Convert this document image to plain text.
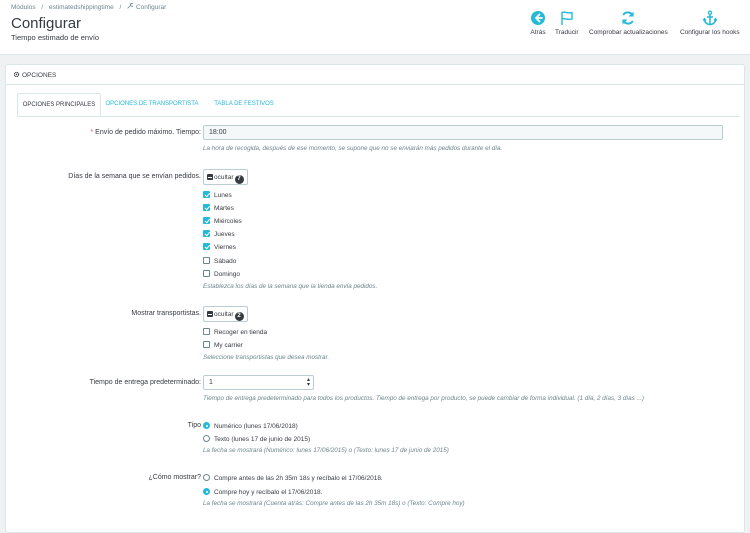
Módulos / estimatedshippingtime / Configurar
Configurar
Tiempo estimado de envío
Atrás Traducir Comprobar actualizaciones Configurar los hooks
OPCIONES
OPCIONES PRINCIPALES	OPCIONES DE TRANSPORTISTA	TABLA DE FESTIVOS
* Envío de pedido máximo. Tiempo:	18:00
La hora de recogida, después de ese momento, se supone que no se enviarán más pedidos durante el día.
Días de la semana que se envían pedidos.	ocultar 7
Lunes
Martes
Miércoles
Jueves
Viernes
Sábado
Domingo
Establezca los días de la semana que la tienda envía pedidos.
Mostrar transportistas.	ocultar 2
Recoger en tienda
My carrier
Seleccione transportistas que desea mostrar.
Tiempo de entrega predeterminado:	1	▴
▾
Tiempo de entrega predeterminado para todos los productos. Tiempo de entrega por producto, se puede cambiar de forma individual. (1 día, 2 días, 3 días ...)
Tipo	Numérico (lunes 17/06/2018)
Texto (lunes 17 de junio de 2015)
La fecha se mostrará (Numérico: lunes 17/06/2015) o (Texto: lunes 17 de junio de 2015)
¿Cómo mostrar?	Compre antes de las 2h 35m 18s y recíbalo el 17/06/2018.
Compre hoy y recíbalo el 17/06/2018.
La fecha se mostrará (Cuenta atrás: Compre antes de las 2h 35m 18s) o (Texto: Compre hoy)
